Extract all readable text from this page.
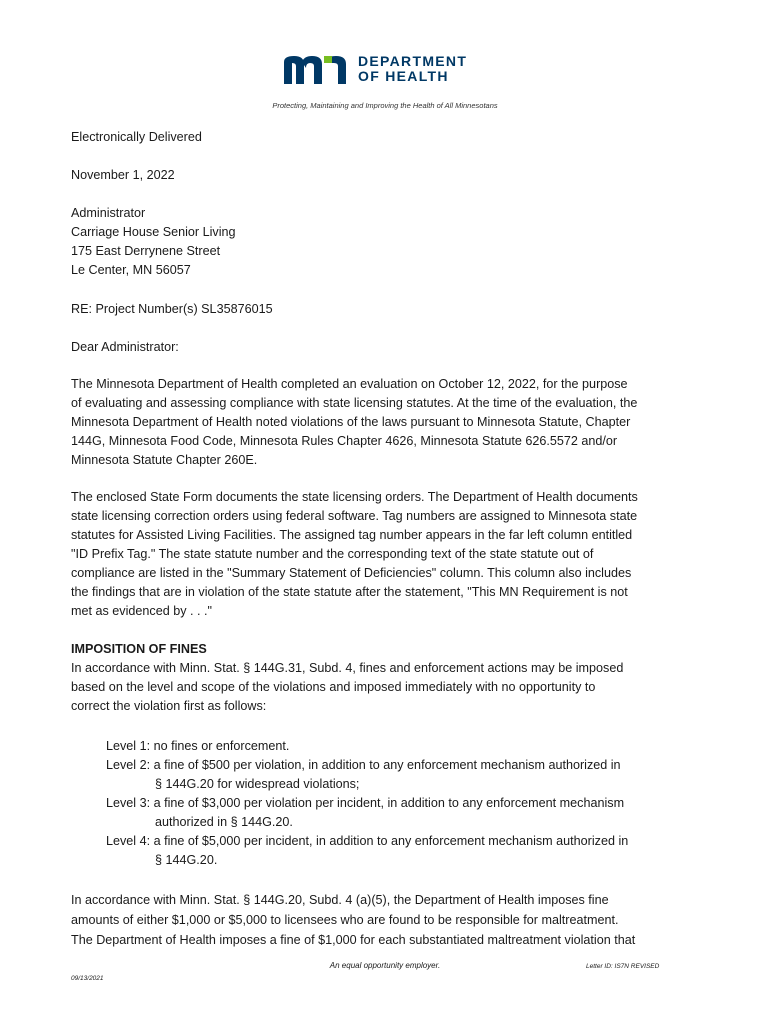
DEPARTMENT
OF HEALTH
Protecting, Maintaining and Improving the Health of All Minnesotans

Electronically Delivered

November 1, 2022

Administrator

Carriage House Senior Living

175 East Derrynene Street

Le Center, MN 56057

RE: Project Number(s) SL35876015

Dear Administrator:

The Minnesota Department of Health completed an evaluation on October 12, 2022, for the purpose

of evaluating and assessing compliance with state licensing statutes. At the time of the evaluation, the

Minnesota Department of Health noted violations of the laws pursuant to Minnesota Statute, Chapter

144G, Minnesota Food Code, Minnesota Rules Chapter 4626, Minnesota Statute 626.5572 and/or

Minnesota Statute Chapter 260E.

The enclosed State Form documents the state licensing orders. The Department of Health documents

state licensing correction orders using federal software. Tag numbers are assigned to Minnesota state

statutes for Assisted Living Facilities. The assigned tag number appears in the far left column entitled

"ID Prefix Tag." The state statute number and the corresponding text of the state statute out of

compliance are listed in the "Summary Statement of Deficiencies" column. This column also includes

the findings that are in violation of the state statute after the statement, "This MN Requirement is not

met as evidenced by . . ."

IMPOSITION OF FINES

In accordance with Minn. Stat. § 144G.31, Subd. 4, fines and enforcement actions may be imposed

based on the level and scope of the violations and imposed immediately with no opportunity to

correct the violation first as follows:

Level 1: no fines or enforcement.

Level 2: a fine of $500 per violation, in addition to any enforcement mechanism authorized in

§ 144G.20 for widespread violations;

Level 3: a fine of $3,000 per violation per incident, in addition to any enforcement mechanism

authorized in § 144G.20.

Level 4: a fine of $5,000 per incident, in addition to any enforcement mechanism authorized in

§ 144G.20.

In accordance with Minn. Stat. § 144G.20, Subd. 4 (a)(5), the Department of Health imposes fine

amounts of either $1,000 or $5,000 to licensees who are found to be responsible for maltreatment.

The Department of Health imposes a fine of $1,000 for each substantiated maltreatment violation that

An equal opportunity employer.	Letter ID: IS7N REVISED
09/13/2021
